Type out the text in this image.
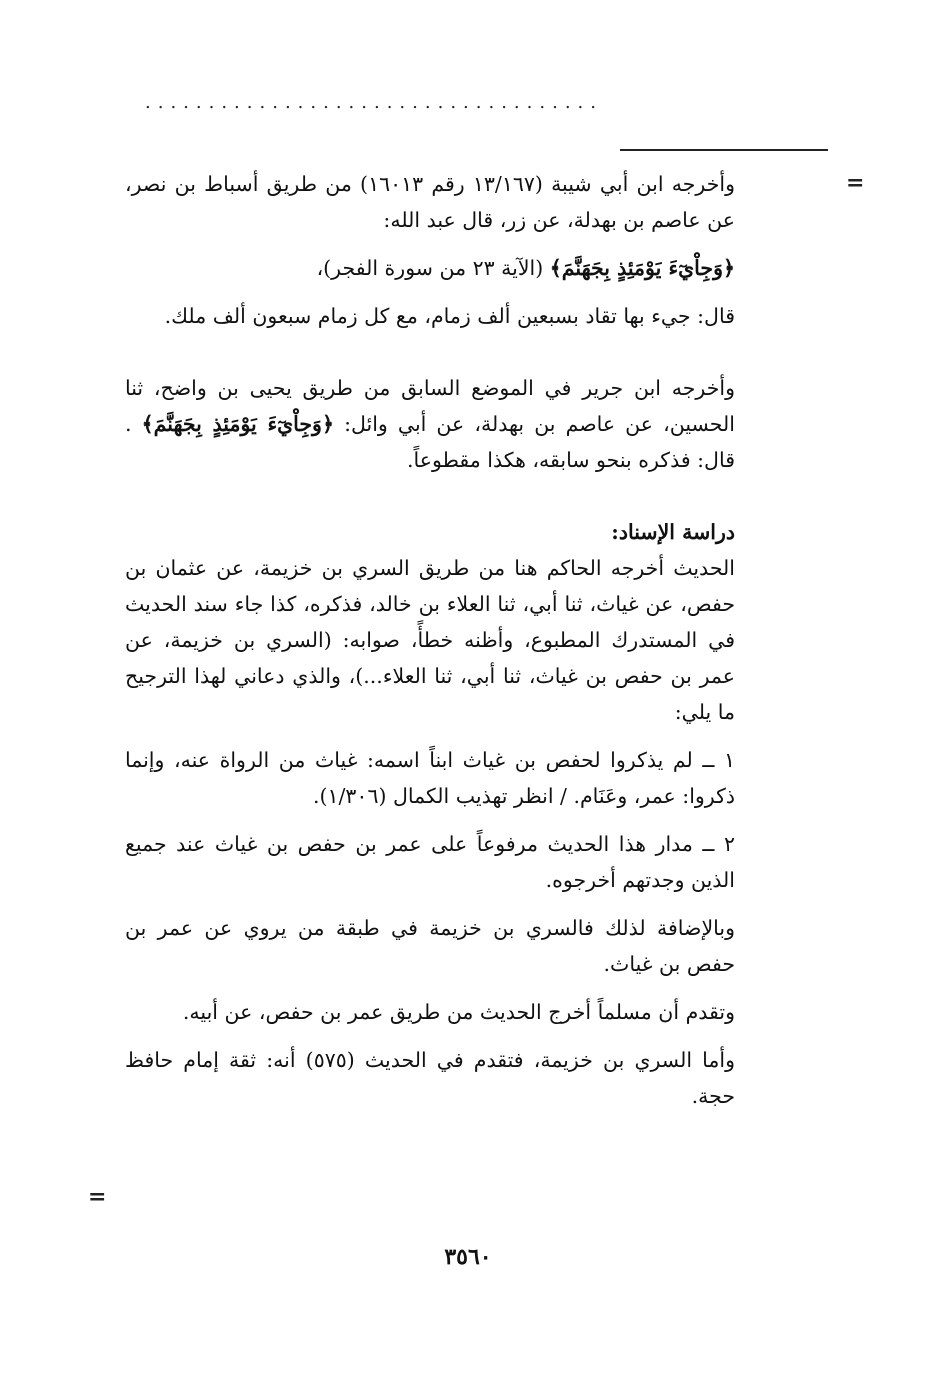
....................................
=
=

وأخرجه ابن أبي شيبة (١٣/١٦٧ رقم ١٦٠١٣) من طريق أسباط بن نصر، عن عاصم بن بهدلة، عن زر، قال عبد الله:

﴿وَجِاْيٓءَ يَوْمَئِذٍ بِجَهَنَّمَ﴾ (الآية ٢٣ من سورة الفجر)،

قال: جيء بها تقاد بسبعين ألف زمام، مع كل زمام سبعون ألف ملك.

وأخرجه ابن جرير في الموضع السابق من طريق يحيى بن واضح، ثنا الحسين، عن عاصم بن بهدلة، عن أبي وائل: ﴿وَجِاْيٓءَ يَوْمَئِذٍ بِجَهَنَّمَ﴾ . قال: فذكره بنحو سابقه، هكذا مقطوعاً.

دراسة الإسناد:

الحديث أخرجه الحاكم هنا من طريق السري بن خزيمة، عن عثمان بن حفص، عن غياث، ثنا أبي، ثنا العلاء بن خالد، فذكره، كذا جاء سند الحديث في المستدرك المطبوع، وأظنه خطأً، صوابه: (السري بن خزيمة، عن عمر بن حفص بن غياث، ثنا أبي، ثنا العلاء...)، والذي دعاني لهذا الترجيح ما يلي:

١ ــ لم يذكروا لحفص بن غياث ابناً اسمه: غياث من الرواة عنه، وإنما ذكروا: عمر، وعَنَام. / انظر تهذيب الكمال (١/٣٠٦).

٢ ــ مدار هذا الحديث مرفوعاً على عمر بن حفص بن غياث عند جميع الذين وجدتهم أخرجوه.

وبالإضافة لذلك فالسري بن خزيمة في طبقة من يروي عن عمر بن حفص بن غياث.

وتقدم أن مسلماً أخرج الحديث من طريق عمر بن حفص، عن أبيه.

وأما السري بن خزيمة، فتقدم في الحديث (٥٧٥) أنه: ثقة إمام حافظ حجة.

٣٥٦٠
